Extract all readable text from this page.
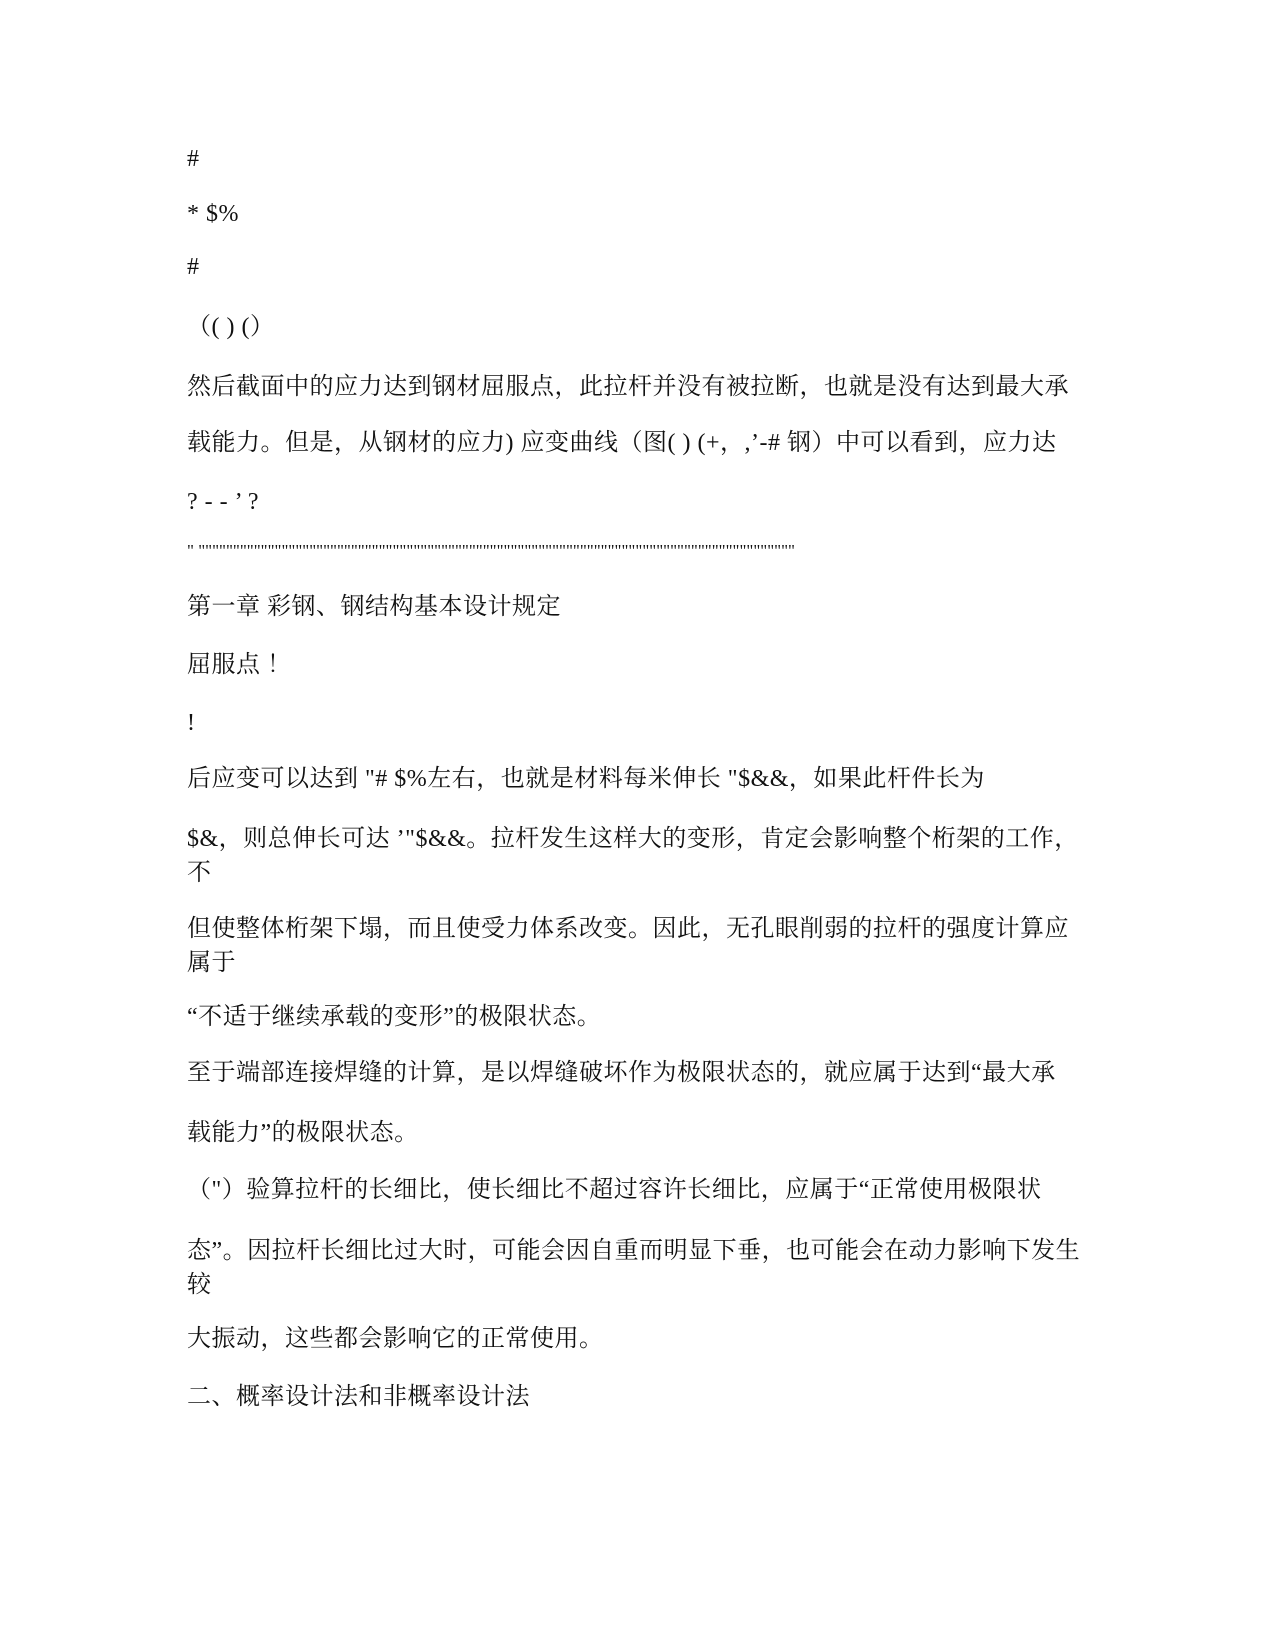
#
* $%
#
（( ) (）
然后截面中的应力达到钢材屈服点，此拉杆并没有被拉断，也就是没有达到最大承
载能力。但是，从钢材的应力) 应变曲线（图( ) (+，,’-# 钢）中可以看到，应力达
? - - ’ ?
" """"""""""""""""""""""""""""""""""""""""""""""""""""""""""""""""""""""""""""""""""""""
第一章 彩钢、钢结构基本设计规定
屈服点 ！
!
后应变可以达到 "# $%左右，也就是材料每米伸长 "$&&，如果此杆件长为
$&，则总伸长可达 ’"$&&。拉杆发生这样大的变形，肯定会影响整个桁架的工作，不
但使整体桁架下塌，而且使受力体系改变。因此，无孔眼削弱的拉杆的强度计算应属于
“不适于继续承载的变形”的极限状态。
至于端部连接焊缝的计算，是以焊缝破坏作为极限状态的，就应属于达到“最大承
载能力”的极限状态。
（"）验算拉杆的长细比，使长细比不超过容许长细比，应属于“正常使用极限状
态”。因拉杆长细比过大时，可能会因自重而明显下垂，也可能会在动力影响下发生较
大振动，这些都会影响它的正常使用。
二、概率设计法和非概率设计法
